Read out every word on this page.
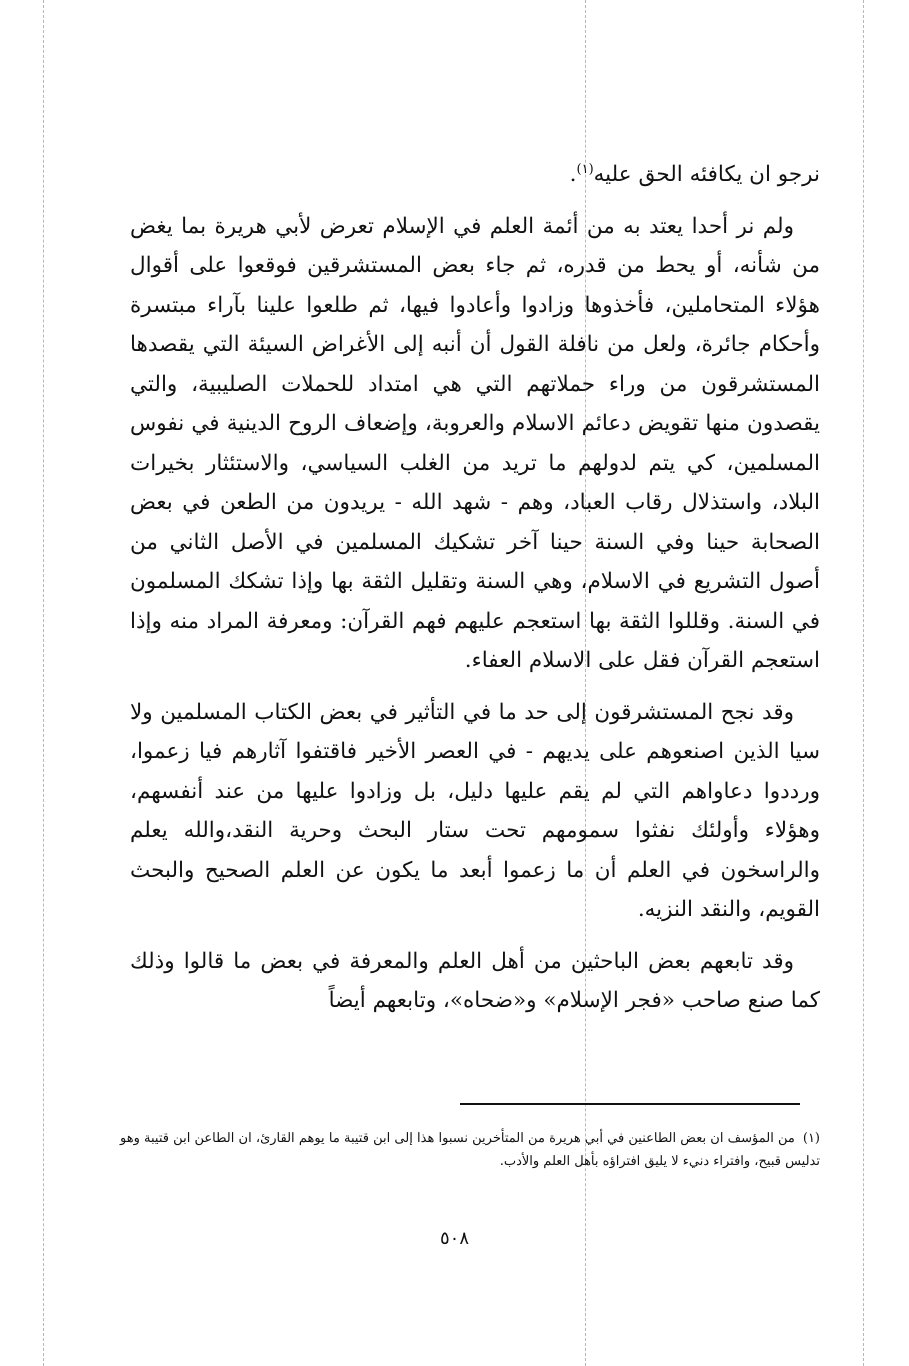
نرجو ان يكافئه الحق عليه$^{(١)}$.

ولم نر أحدا يعتد به من أئمة العلم في الإسلام تعرض لأبي هريرة بما يغض من شأنه، أو يحط من قدره، ثم جاء بعض المستشرقين فوقعوا على أقوال هؤلاء المتحاملين، فأخذوها وزادوا وأعادوا فيها، ثم طلعوا علينا بآراء مبتسرة وأحكام جائرة، ولعل من نافلة القول أن أنبه إلى الأغراض السيئة التي يقصدها المستشرقون من وراء حملاتهم التي هي امتداد للحملات الصليبية، والتي يقصدون منها تقويض دعائم الاسلام والعروبة، وإضعاف الروح الدينية في نفوس المسلمين، كي يتم لدولهم ما تريد من الغلب السياسي، والاستئثار بخيرات البلاد، واستذلال رقاب العباد، وهم - شهد الله - يريدون من الطعن في بعض الصحابة حينا وفي السنة حينا آخر تشكيك المسلمين في الأصل الثاني من أصول التشريع في الاسلام، وهي السنة وتقليل الثقة بها وإذا تشكك المسلمون في السنة. وقللوا الثقة بها استعجم عليهم فهم القرآن: ومعرفة المراد منه وإذا استعجم القرآن فقل على الاسلام العفاء.

وقد نجح المستشرقون إلى حد ما في التأثير في بعض الكتاب المسلمين ولا سيا الذين اصنعوهم على يديهم - في العصر الأخير فاقتفوا آثارهم فيا زعموا، ورددوا دعاواهم التي لم يقم عليها دليل، بل وزادوا عليها من عند أنفسهم، وهؤلاء وأولئك نفثوا سمومهم تحت ستار البحث وحرية النقد،والله يعلم والراسخون في العلم أن ما زعموا أبعد ما يكون عن العلم الصحيح والبحث القويم، والنقد النزيه.

وقد تابعهم بعض الباحثين من أهل العلم والمعرفة في بعض ما قالوا وذلك كما صنع صاحب «فجر الإسلام» و«ضحاه»، وتابعهم أيضاً

(١)من المؤسف ان بعض الطاعنين في أبي هريرة من المتأخرين نسبوا هذا إلى ابن قتيبة ما يوهم القارئ، ان الطاعن ابن قتيبة وهو تدليس قبيح، وافتراء دنيء لا يليق افتراؤه بأهل العلم والأدب.
٥٠٨
